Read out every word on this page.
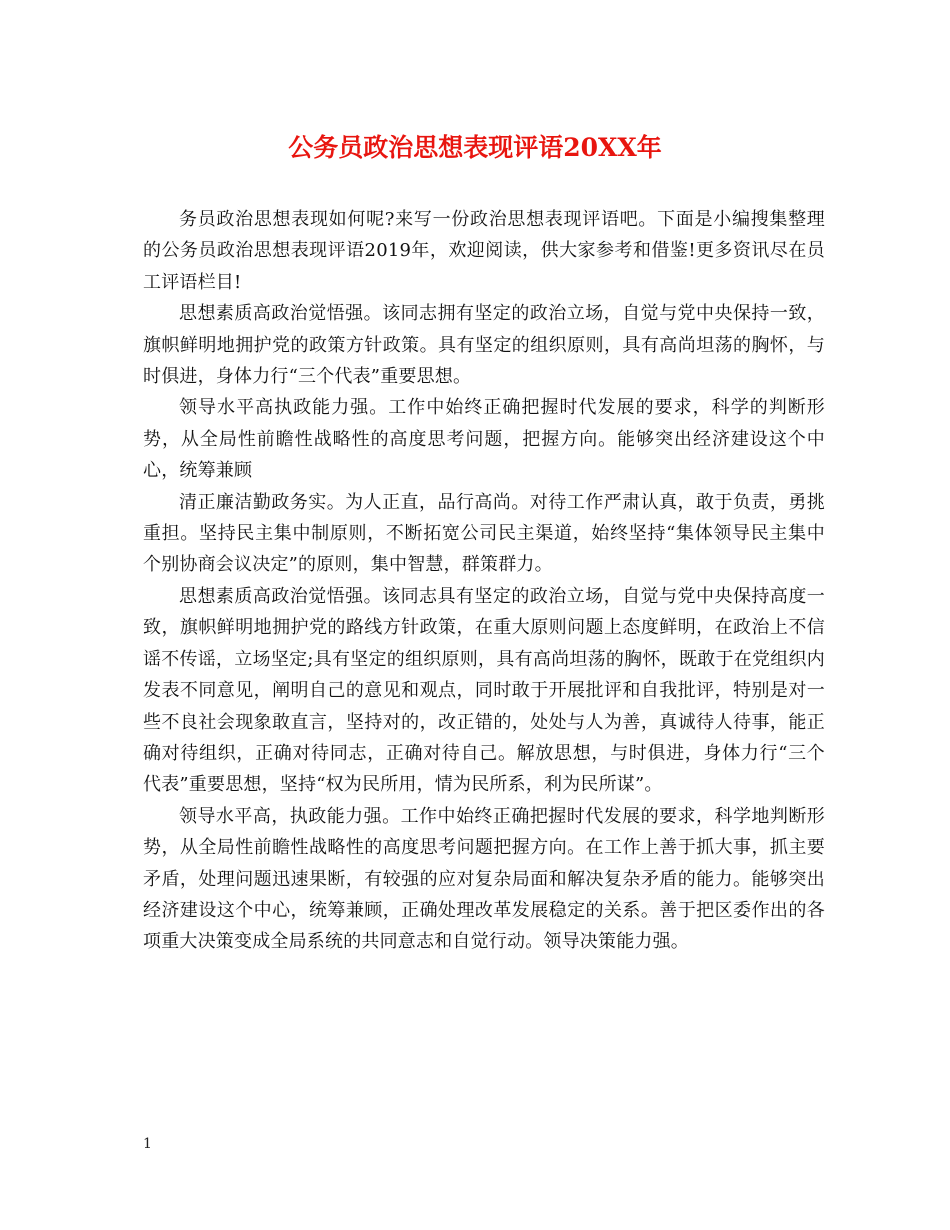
公务员政治思想表现评语20XX年

务员政治思想表现如何呢?来写一份政治思想表现评语吧。下面是小编搜集整理的公务员政治思想表现评语2019年，欢迎阅读，供大家参考和借鉴!更多资讯尽在员工评语栏目!

思想素质高政治觉悟强。该同志拥有坚定的政治立场，自觉与党中央保持一致，旗帜鲜明地拥护党的政策方针政策。具有坚定的组织原则，具有高尚坦荡的胸怀，与时俱进，身体力行“三个代表”重要思想。

领导水平高执政能力强。工作中始终正确把握时代发展的要求，科学的判断形势，从全局性前瞻性战略性的高度思考问题，把握方向。能够突出经济建设这个中心，统筹兼顾

清正廉洁勤政务实。为人正直，品行高尚。对待工作严肃认真，敢于负责，勇挑重担。坚持民主集中制原则，不断拓宽公司民主渠道，始终坚持“集体领导民主集中个别协商会议决定”的原则，集中智慧，群策群力。

思想素质高政治觉悟强。该同志具有坚定的政治立场，自觉与党中央保持高度一致，旗帜鲜明地拥护党的路线方针政策，在重大原则问题上态度鲜明，在政治上不信谣不传谣，立场坚定;具有坚定的组织原则，具有高尚坦荡的胸怀，既敢于在党组织内发表不同意见，阐明自己的意见和观点，同时敢于开展批评和自我批评，特别是对一些不良社会现象敢直言，坚持对的，改正错的，处处与人为善，真诚待人待事，能正确对待组织，正确对待同志，正确对待自己。解放思想，与时俱进，身体力行“三个代表”重要思想，坚持“权为民所用，情为民所系，利为民所谋”。

领导水平高，执政能力强。工作中始终正确把握时代发展的要求，科学地判断形势，从全局性前瞻性战略性的高度思考问题把握方向。在工作上善于抓大事，抓主要矛盾，处理问题迅速果断，有较强的应对复杂局面和解决复杂矛盾的能力。能够突出经济建设这个中心，统筹兼顾，正确处理改革发展稳定的关系。善于把区委作出的各项重大决策变成全局系统的共同意志和自觉行动。领导决策能力强。

1
